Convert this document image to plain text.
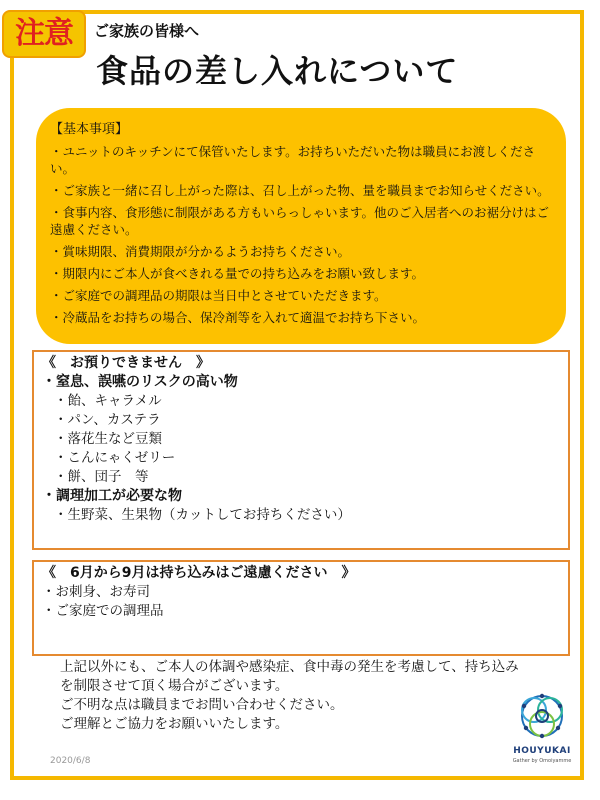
注意	ご家族の皆様へ
食品の差し入れについて
【基本事項】
・ユニットのキッチンにて保管いたします。お持ちいただいた物は職員にお渡しください。
・ご家族と一緒に召し上がった際は、召し上がった物、量を職員までお知らせください。
・食事内容、食形態に制限がある方もいらっしゃいます。他のご入居者へのお裾分けはご遠慮ください。
・賞味期限、消費期限が分かるようお持ちください。
・期限内にご本人が食べきれる量での持ち込みをお願い致します。
・ご家庭での調理品の期限は当日中とさせていただきます。
・冷蔵品をお持ちの場合、保冷剤等を入れて適温でお持ち下さい。
《　お預りできません　》
・窒息、誤嚥のリスクの高い物
・飴、キャラメル
・パン、カステラ
・落花生など豆類
・こんにゃくゼリー
・餅、団子　等
・調理加工が必要な物
・生野菜、生果物（カットしてお持ちください）
《　6月から9月は持ち込みはご遠慮ください　》
・お刺身、お寿司
・ご家庭での調理品
上記以外にも、ご本人の体調や感染症、食中毒の発生を考慮して、持ち込みを制限させて頂く場合がございます。
ご不明な点は職員までお問い合わせください。
ご理解とご協力をお願いいたします。
2020/6/8
HOUYUKAI
Gather by Omoiyamme
